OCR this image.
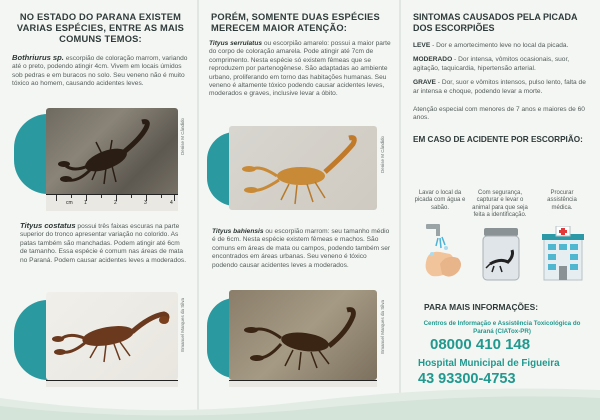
NO ESTADO DO PARANA EXISTEM VARIAS ESPÉCIES, ENTRE AS MAIS COMUNS TEMOS:
Bothriurus sp. escorpião de coloração marrom, variando até o preto, podendo atingir 4cm. Vivem em locais úmidos sob pedras e em buracos no solo. Seu veneno não é muito tóxico ao homem, causando acidentes leves.
Denise M Cândido
cm 1	2	3	4
Tityus costatus possui três faixas escuras na parte superior do tronco apresentar variação no colorido. As patas também são manchadas. Podem atingir até 6cm de tamanho. Essa espécie é comum nas áreas de mata no Paraná. Podem causar acidentes leves a moderados.
Emanuel Marques da Silva
PORÉM, SOMENTE DUAS ESPÉCIES MERECEM MAIOR ATENÇÃO:
Tityus serrulatus ou escorpião amarelo: possui a maior parte do corpo de coloração amarela. Pode atingir até 7cm de comprimento. Nesta espécie só existem fêmeas que se reproduzem por partenogênese. São adaptadas ao ambiente urbano, proliferando em torno das habitações humanas. Seu veneno é altamente tóxico podendo causar acidentes leves, moderados e graves, inclusive levar a óbito.
Denise M Cândido
Tityus bahiensis ou escorpião marrom: seu tamanho médio é de 6cm. Nesta espécie existem fêmeas e machos. São comuns em áreas de mata ou campos, podendo também ser encontrados em áreas urbanas. Seu veneno é tóxico podendo causar acidentes leves a moderados.
Emanuel Marques da Silva
SINTOMAS CAUSADOS PELA PICADA DOS ESCORPIÕES
LEVE - Dor e amortecimento leve no local da picada.
MODERADO - Dor intensa, vômitos ocasionais, suor, agitação, taquicardia, hipertensão arterial.
GRAVE - Dor, suor e vômitos intensos, pulso lento, falta de ar intensa e choque, podendo levar a morte.
Atenção especial com menores de 7 anos e maiores de 60 anos.
EM CASO DE ACIDENTE POR ESCORPIÃO:
Lavar o local da picada com água e sabão.
Com segurança, capturar e levar o animal para que seja feita a identificação.
Procurar assistência médica.
PARA MAIS INFORMAÇÕES:
Centros de Informação e Assistência Toxicológica do Paraná (CIATox-PR)
08000 410 148
Hospital Municipal de Figueira
43 93300-4753
